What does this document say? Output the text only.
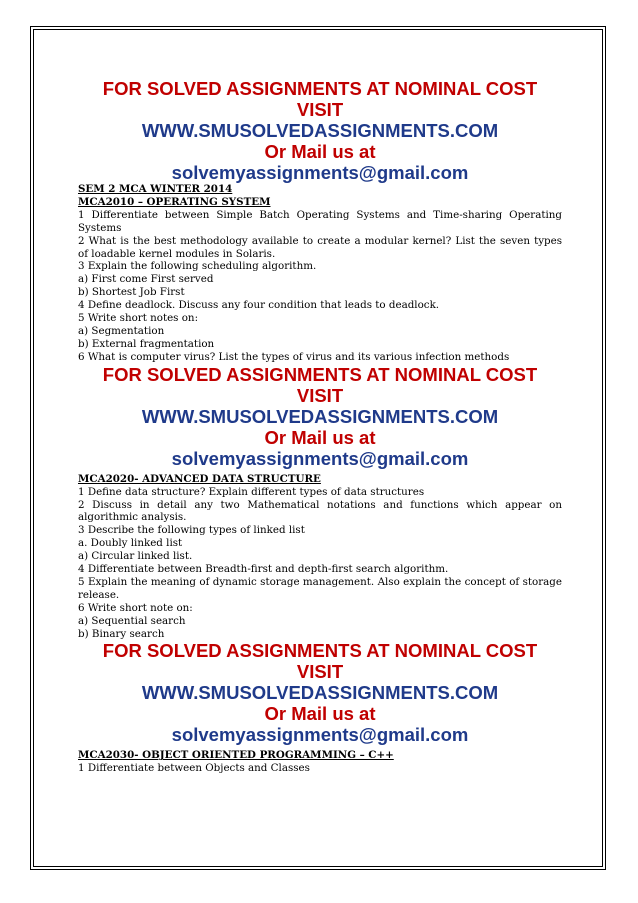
FOR SOLVED ASSIGNMENTS AT NOMINAL COST
VISIT
WWW.SMUSOLVEDASSIGNMENTS.COM
Or Mail us at
solvemyassignments@gmail.com
SEM 2 MCA WINTER 2014
MCA2010 – OPERATING SYSTEM
1 Differentiate between Simple Batch Operating Systems and Time-sharing Operating Systems
2 What is the best methodology available to create a modular kernel? List the seven types of loadable kernel modules in Solaris.
3 Explain the following scheduling algorithm.
a) First come First served
b) Shortest Job First
4 Define deadlock. Discuss any four condition that leads to deadlock.
5 Write short notes on:
a) Segmentation
b) External fragmentation
6 What is computer virus? List the types of virus and its various infection methods
FOR SOLVED ASSIGNMENTS AT NOMINAL COST
VISIT
WWW.SMUSOLVEDASSIGNMENTS.COM
Or Mail us at
solvemyassignments@gmail.com
MCA2020- ADVANCED DATA STRUCTURE
1 Define data structure? Explain different types of data structures
2 Discuss in detail any two Mathematical notations and functions which appear on algorithmic analysis.
3 Describe the following types of linked list
a. Doubly linked list
a) Circular linked list.
4 Differentiate between Breadth-first and depth-first search algorithm.
5 Explain the meaning of dynamic storage management. Also explain the concept of storage release.
6 Write short note on:
a) Sequential search
b) Binary search
FOR SOLVED ASSIGNMENTS AT NOMINAL COST
VISIT
WWW.SMUSOLVEDASSIGNMENTS.COM
Or Mail us at
solvemyassignments@gmail.com
MCA2030- OBJECT ORIENTED PROGRAMMING – C++
1 Differentiate between Objects and Classes
